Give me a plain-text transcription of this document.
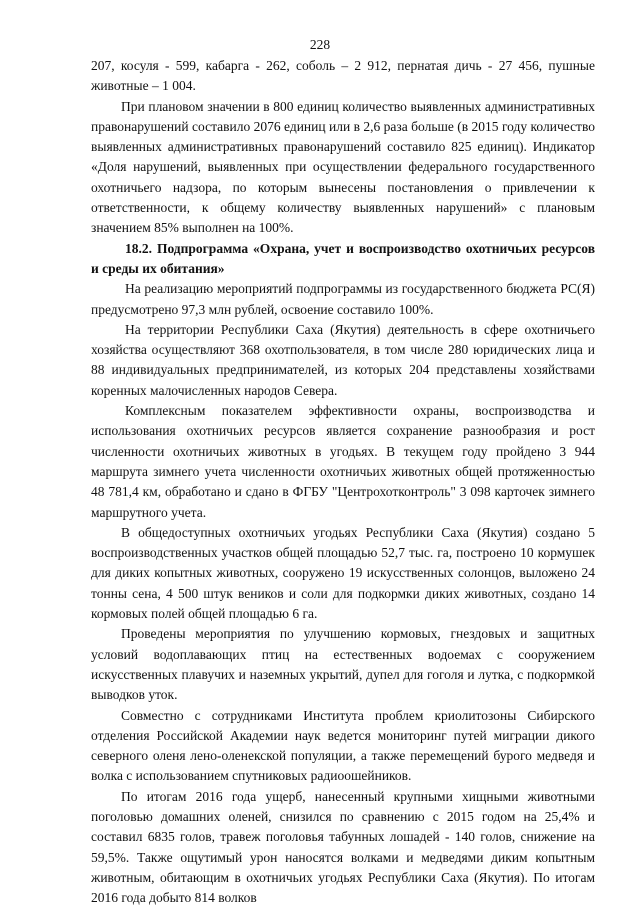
228

207, косуля - 599, кабарга - 262, соболь – 2 912, пернатая дичь - 27 456, пушные животные – 1 004.

При плановом значении в 800 единиц количество выявленных административных правонарушений составило 2076 единиц или в 2,6 раза больше (в 2015 году количество выявленных административных правонарушений составило 825 единиц). Индикатор «Доля нарушений, выявленных при осуществлении федерального государственного охотничьего надзора, по которым вынесены постановления о привлечении к ответственности, к общему количеству выявленных нарушений» с плановым значением 85% выполнен на 100%.

18.2. Подпрограмма «Охрана, учет и воспроизводство охотничьих ресурсов и среды их обитания»

На реализацию мероприятий подпрограммы из государственного бюджета РС(Я) предусмотрено 97,3 млн рублей, освоение составило 100%.

На территории Республики Саха (Якутия) деятельность в сфере охотничьего хозяйства осуществляют 368 охотпользователя, в том числе 280 юридических лица и 88 индивидуальных предпринимателей, из которых 204 представлены хозяйствами коренных малочисленных народов Севера.

Комплексным показателем эффективности охраны, воспроизводства и использования охотничьих ресурсов является сохранение разнообразия и рост численности охотничьих животных в угодьях. В текущем году пройдено 3 944 маршрута зимнего учета численности охотничьих животных общей протяженностью 48 781,4 км, обработано и сдано в ФГБУ "Центрохотконтроль" 3 098 карточек зимнего маршрутного учета.

В общедоступных охотничьих угодьях Республики Саха (Якутия) создано 5 воспроизводственных участков общей площадью 52,7 тыс. га, построено 10 кормушек для диких копытных животных, сооружено 19 искусственных солонцов, выложено 24 тонны сена, 4 500 штук веников и соли для подкормки диких животных, создано 14 кормовых полей общей площадью 6 га.

Проведены мероприятия по улучшению кормовых, гнездовых и защитных условий водоплавающих птиц на естественных водоемах с сооружением искусственных плавучих и наземных укрытий, дупел для гоголя и лутка, с подкормкой выводков уток.

Совместно с сотрудниками Института проблем криолитозоны Сибирского отделения Российской Академии наук ведется мониторинг путей миграции дикого северного оленя лено-оленекской популяции, а также перемещений бурого медведя и волка с использованием спутниковых радиоошейников.

По итогам 2016 года ущерб, нанесенный крупными хищными животными поголовью домашних оленей, снизился по сравнению с 2015 годом на 25,4% и составил 6835 голов, травеж поголовья табунных лошадей - 140 голов, снижение на 59,5%. Также ощутимый урон наносятся волками и медведями диким копытным животным, обитающим в охотничьих угодьях Республики Саха (Якутия). По итогам 2016 года добыто 814 волков
